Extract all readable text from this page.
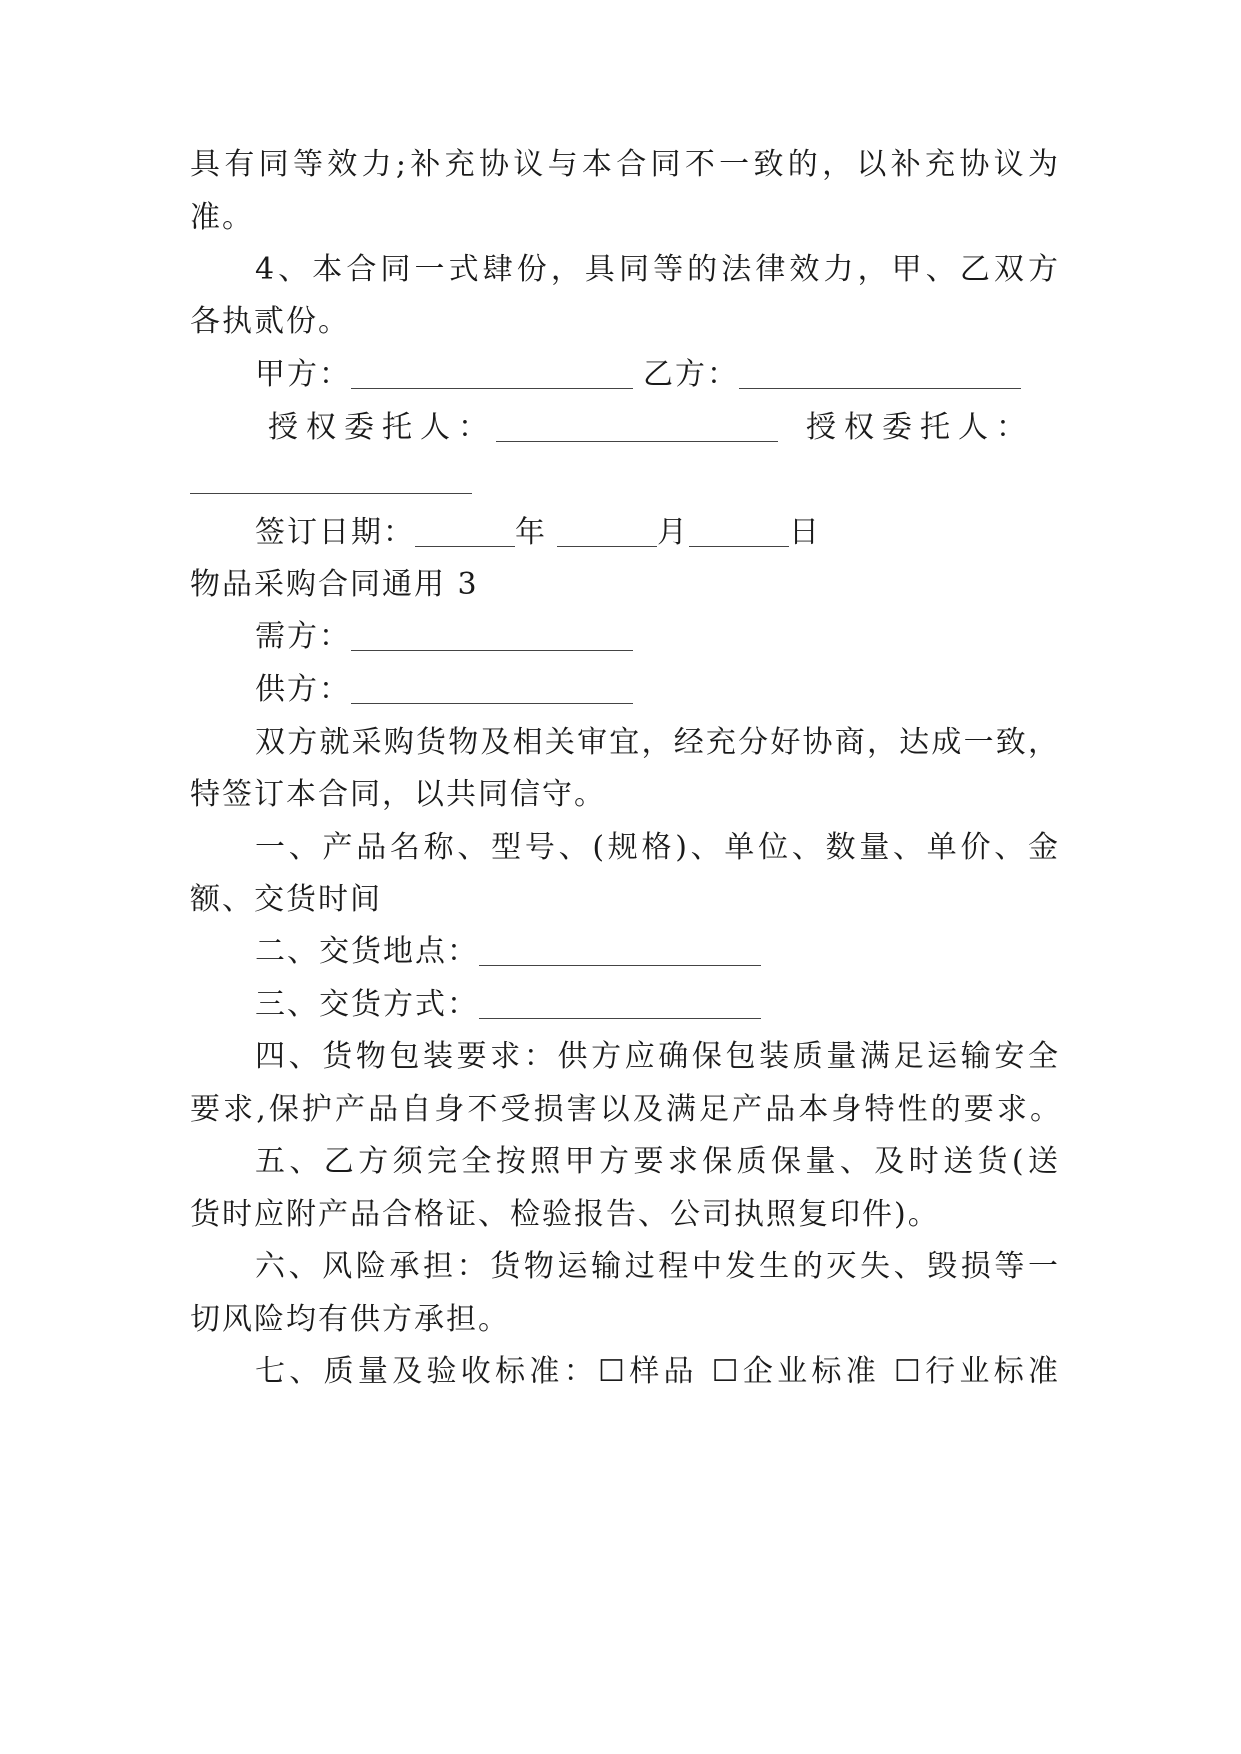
具有同等效力;补充协议与本合同不一致的，以补充协议为
准。
4、本合同一式肆份，具同等的法律效力，甲、乙双方
各执贰份。
甲方：	乙方：
授权委托人：	授权委托人：
签订日期：	年	月	日
物品采购合同通用 3
需方：
供方：
双方就采购货物及相关审宜，经充分好协商，达成一致，
特签订本合同，以共同信守。
一、产品名称、型号、(规格)、单位、数量、单价、金
额、交货时间
二、交货地点：
三、交货方式：
四、货物包装要求：供方应确保包装质量满足运输安全
要求,保护产品自身不受损害以及满足产品本身特性的要求。
五、乙方须完全按照甲方要求保质保量、及时送货(送
货时应附产品合格证、检验报告、公司执照复印件)。
六、风险承担：货物运输过程中发生的灭失、毁损等一
切风险均有供方承担。
七、质量及验收标准：☐样品 ☐企业标准 ☐行业标准
